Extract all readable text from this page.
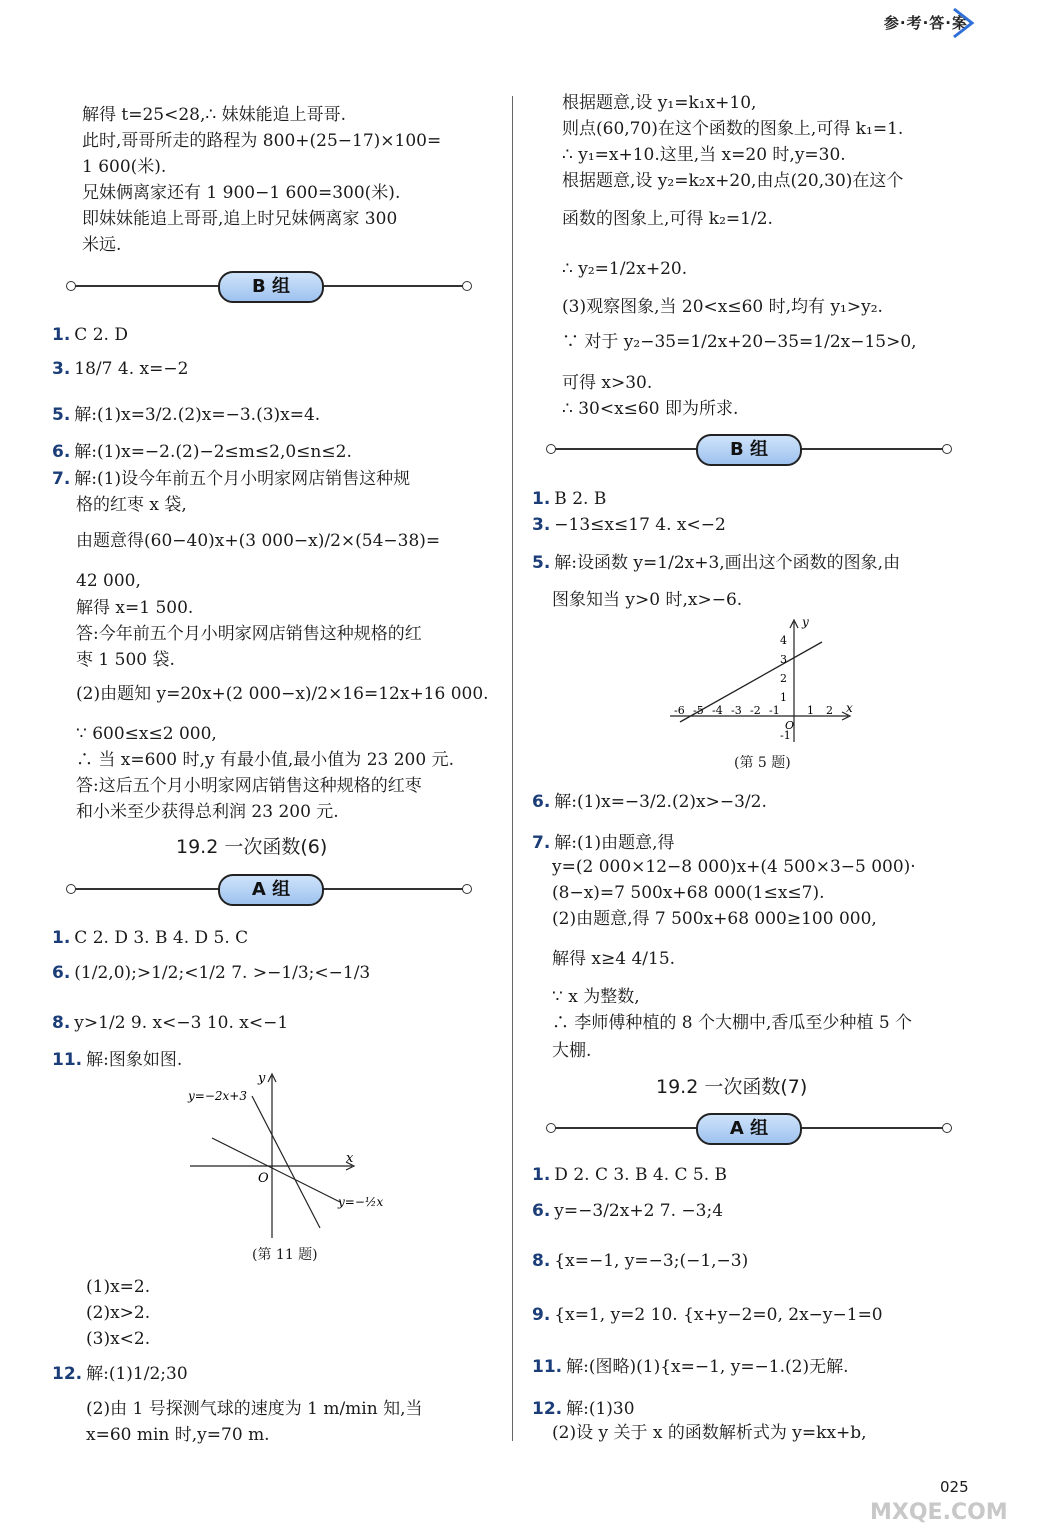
参·考·答·案
解得 t=25<28,∴ 妹妹能追上哥哥.
此时,哥哥所走的路程为 800+(25−17)×100=
1 600(米).
兄妹俩离家还有 1 900−1 600=300(米).
即妹妹能追上哥哥,追上时兄妹俩离家 300
米远.
B 组
1. C 2. D
3. 18/7 4. x=−2
5. 解:(1)x=3/2.(2)x=−3.(3)x=4.
6. 解:(1)x=−2.(2)−2≤m≤2,0≤n≤2.
7. 解:(1)设今年前五个月小明家网店销售这种规
格的红枣 x 袋,
由题意得(60−40)x+(3 000−x)/2×(54−38)=
42 000,
解得 x=1 500.
答:今年前五个月小明家网店销售这种规格的红
枣 1 500 袋.
(2)由题知 y=20x+(2 000−x)/2×16=12x+16 000.
∵ 600≤x≤2 000,
∴ 当 x=600 时,y 有最小值,最小值为 23 200 元.
答:这后五个月小明家网店销售这种规格的红枣
和小米至少获得总利润 23 200 元.
19.2 一次函数(6)
A 组
1. C 2. D 3. B 4. D 5. C
6. (1/2,0);>1/2;<1/2 7. >−1/3;<−1/3
8. y>1/2 9. x<−3 10. x<−1
11. 解:图象如图.
y=−2x+3
y=−½x
x
y
O
(第 11 题)
(1)x=2.
(2)x>2.
(3)x<2.
12. 解:(1)1/2;30
(2)由 1 号探测气球的速度为 1 m/min 知,当
x=60 min 时,y=70 m.
根据题意,设 y₁=k₁x+10,
则点(60,70)在这个函数的图象上,可得 k₁=1.
∴ y₁=x+10.这里,当 x=20 时,y=30.
根据题意,设 y₂=k₂x+20,由点(20,30)在这个
函数的图象上,可得 k₂=1/2.
∴ y₂=1/2x+20.
(3)观察图象,当 20<x≤60 时,均有 y₁>y₂.
∵ 对于 y₂−35=1/2x+20−35=1/2x−15>0,
可得 x>30.
∴ 30<x≤60 即为所求.
B 组
1. B 2. B
3. −13≤x≤17 4. x<−2
5. 解:设函数 y=1/2x+3,画出这个函数的图象,由
图象知当 y>0 时,x>−6.
-6 -5 -4 -3 -2 -1 1 2
4
3
2
1
-1
x
y
O
(第 5 题)
6. 解:(1)x=−3/2.(2)x>−3/2.
7. 解:(1)由题意,得
y=(2 000×12−8 000)x+(4 500×3−5 000)·
(8−x)=7 500x+68 000(1≤x≤7).
(2)由题意,得 7 500x+68 000≥100 000,
解得 x≥4 4/15.
∵ x 为整数,
∴ 李师傅种植的 8 个大棚中,香瓜至少种植 5 个
大棚.
19.2 一次函数(7)
A 组
1. D 2. C 3. B 4. C 5. B
6. y=−3/2x+2 7. −3;4
8. {x=−1, y=−3;(−1,−3)
9. {x=1, y=2 10. {x+y−2=0, 2x−y−1=0
11. 解:(图略)(1){x=−1, y=−1.(2)无解.
12. 解:(1)30
(2)设 y 关于 x 的函数解析式为 y=kx+b,
025
MXQE.COM
